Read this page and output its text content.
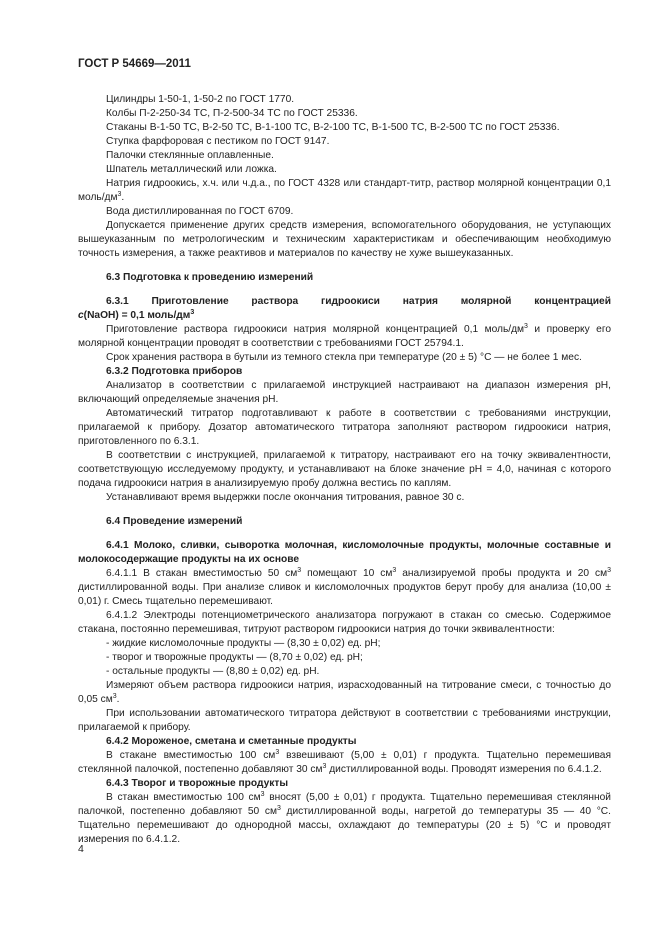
ГОСТ Р 54669—2011

Цилиндры 1-50-1, 1-50-2 по ГОСТ 1770.

Колбы П-2-250-34 ТС, П-2-500-34 ТС по ГОСТ 25336.

Стаканы В-1-50 ТС, В-2-50 ТС, В-1-100 ТС, В-2-100 ТС, В-1-500 ТС, В-2-500 ТС по ГОСТ 25336.

Ступка фарфоровая с пестиком по ГОСТ 9147.

Палочки стеклянные оплавленные.

Шпатель металлический или ложка.

Натрия гидроокись, х.ч. или ч.д.а., по ГОСТ 4328 или стандарт-титр, раствор молярной концентрации 0,1 моль/$дм^3$.

Вода дистиллированная по ГОСТ 6709.

Допускается применение других средств измерения, вспомогательного оборудования, не уступающих вышеуказанным по метрологическим и техническим характеристикам и обеспечивающим необходимую точность измерения, а также реактивов и материалов по качеству не хуже вышеуказанных.

6.3 Подготовка к проведению измерений

6.3.1 Приготовление раствора гидроокиси натрия молярной концентрацией

с(NaOH) = 0,1 моль/$дм^3$

Приготовление раствора гидроокиси натрия молярной концентрацией 0,1 моль/$дм^3$ и проверку его молярной концентрации проводят в соответствии с требованиями ГОСТ 25794.1.

Срок хранения раствора в бутыли из темного стекла при температуре (20 ± 5) °С — не более 1 мес.

6.3.2 Подготовка приборов

Анализатор в соответствии с прилагаемой инструкцией настраивают на диапазон измерения pH, включающий определяемые значения pH.

Автоматический титратор подготавливают к работе в соответствии с требованиями инструкции, прилагаемой к прибору. Дозатор автоматического титратора заполняют раствором гидроокиси натрия, приготовленного по 6.3.1.

В соответствии с инструкцией, прилагаемой к титратору, настраивают его на точку эквивалентности, соответствующую исследуемому продукту, и устанавливают на блоке значение pH = 4,0, начиная с которого подача гидроокиси натрия в анализируемую пробу должна вестись по каплям.

Устанавливают время выдержки после окончания титрования, равное 30 с.

6.4 Проведение измерений

6.4.1 Молоко, сливки, сыворотка молочная, кисломолочные продукты, молочные составные и молокосодержащие продукты на их основе

6.4.1.1 В стакан вместимостью 50 $см^3$ помещают 10 $см^3$ анализируемой пробы продукта и 20 $см^3$ дистиллированной воды. При анализе сливок и кисломолочных продуктов берут пробу для анализа (10,00 ± 0,01) г. Смесь тщательно перемешивают.

6.4.1.2 Электроды потенциометрического анализатора погружают в стакан со смесью. Содержимое стакана, постоянно перемешивая, титруют раствором гидроокиси натрия до точки эквивалентности:

- жидкие кисломолочные продукты — (8,30 ± 0,02) ед. pH;

- творог и творожные продукты — (8,70 ± 0,02) ед. pH;

- остальные продукты — (8,80 ± 0,02) ед. pH.

Измеряют объем раствора гидроокиси натрия, израсходованный на титрование смеси, с точностью до 0,05 $см^3$.

При использовании автоматического титратора действуют в соответствии с требованиями инструкции, прилагаемой к прибору.

6.4.2 Мороженое, сметана и сметанные продукты

В стакане вместимостью 100 $см^3$ взвешивают (5,00 ± 0,01) г продукта. Тщательно перемешивая стеклянной палочкой, постепенно добавляют 30 $см^3$ дистиллированной воды. Проводят измерения по 6.4.1.2.

6.4.3 Творог и творожные продукты

В стакан вместимостью 100 $см^3$ вносят (5,00 ± 0,01) г продукта. Тщательно перемешивая стеклянной палочкой, постепенно добавляют 50 $см^3$ дистиллированной воды, нагретой до температуры 35 — 40 °С. Тщательно перемешивают до однородной массы, охлаждают до температуры (20 ± 5) °С и проводят измерения по 6.4.1.2.

4
